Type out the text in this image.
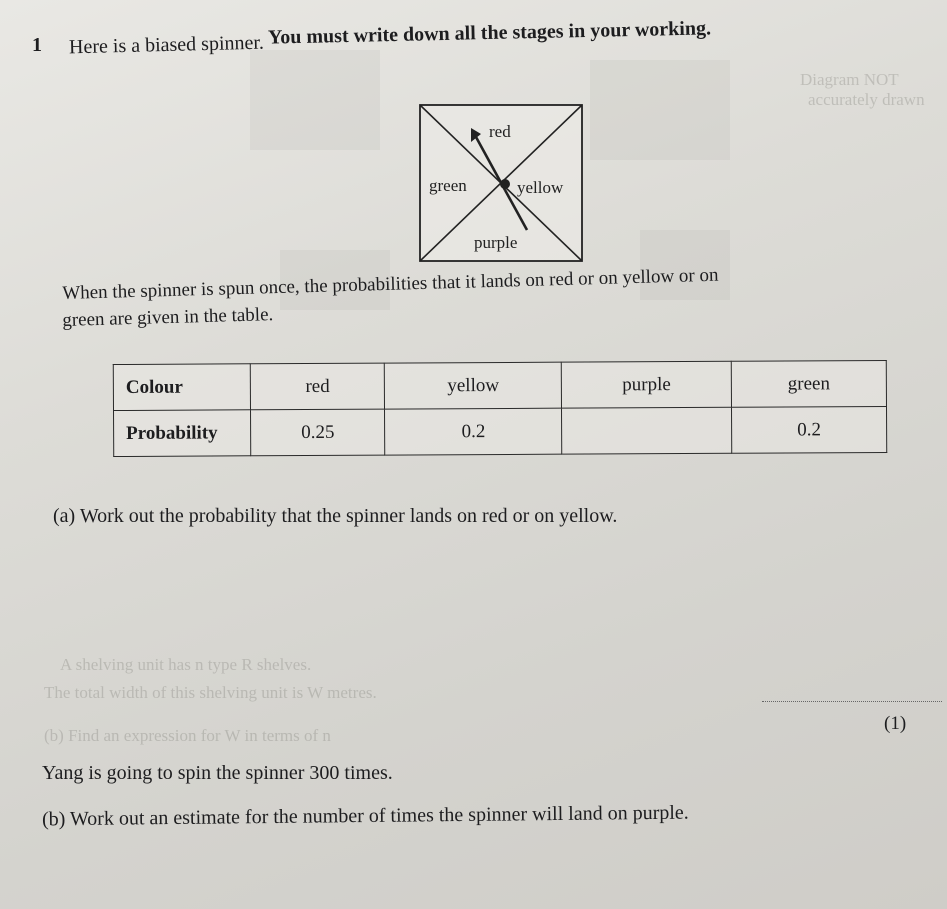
Diagram NOT
accurately drawn
A shelving unit has n type R shelves.
The total width of this shelving unit is W metres.
(b) Find an expression for W in terms of n
You must write down all the stages in your working.
1 Here is a biased spinner.
red
green	yellow
purple
When the spinner is spun once, the probabilities that it lands on red or on yellow or on
green are given in the table.
Colour	red	yellow	purple	green
Probability	0.25	0.2		0.2
(a) Work out the probability that the spinner lands on red or on yellow.
(1)
Yang is going to spin the spinner 300 times.
(b) Work out an estimate for the number of times the spinner will land on purple.
